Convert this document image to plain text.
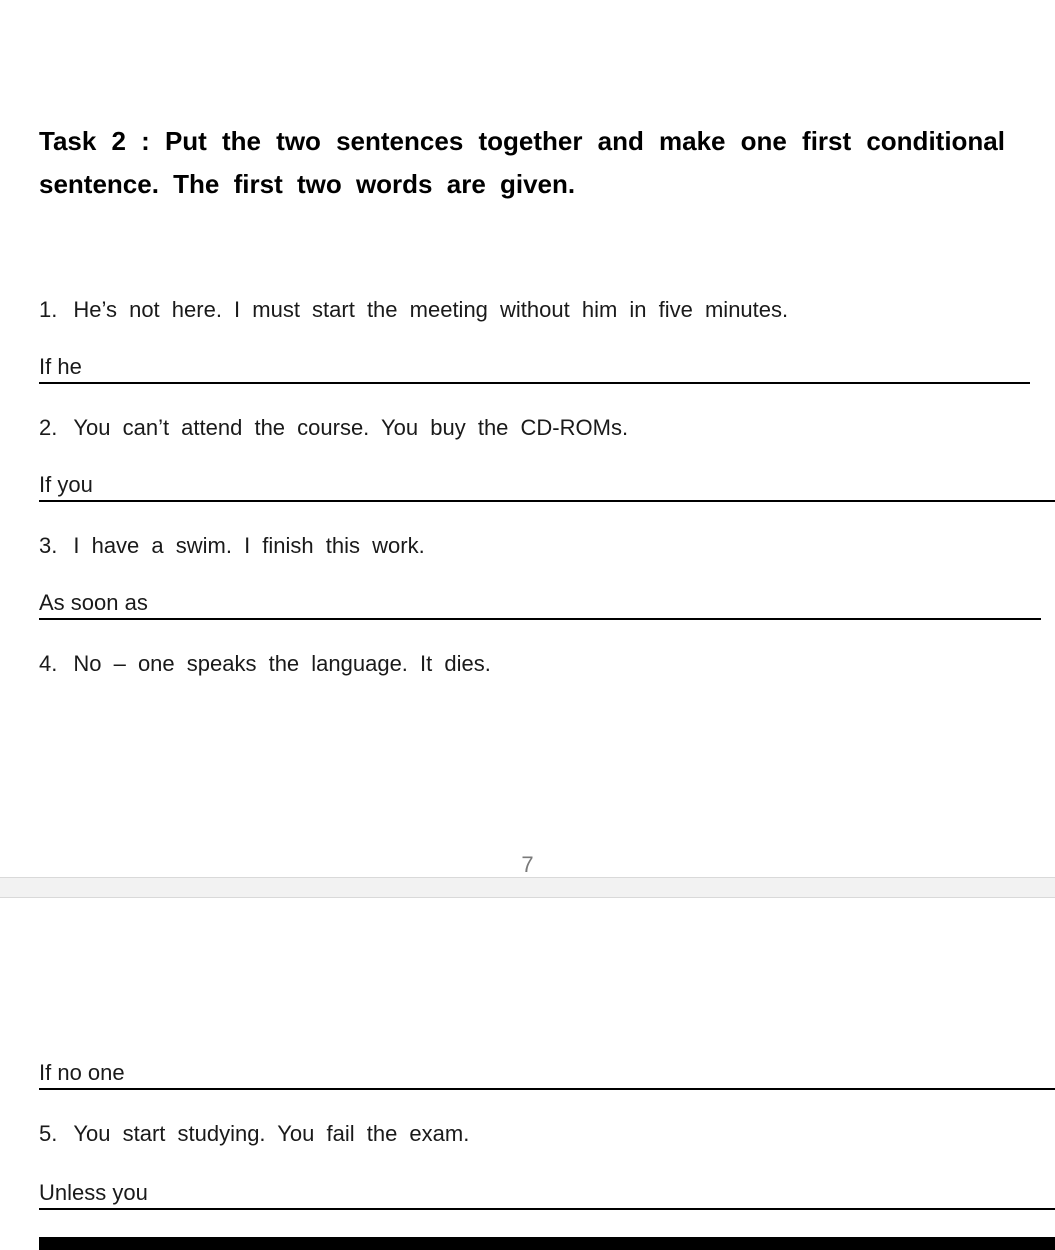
Task 2 : Put the two sentences together and make one first conditional sentence. The first two words are given.
1. He’s not here. I must start the meeting without him in five minutes.
If he
2. You can’t attend the course. You buy the CD-ROMs.
If you
3. I have a swim. I finish this work.
As soon as
4. No – one speaks the language. It dies.
7
If no one
5. You start studying. You fail the exam.
Unless you
